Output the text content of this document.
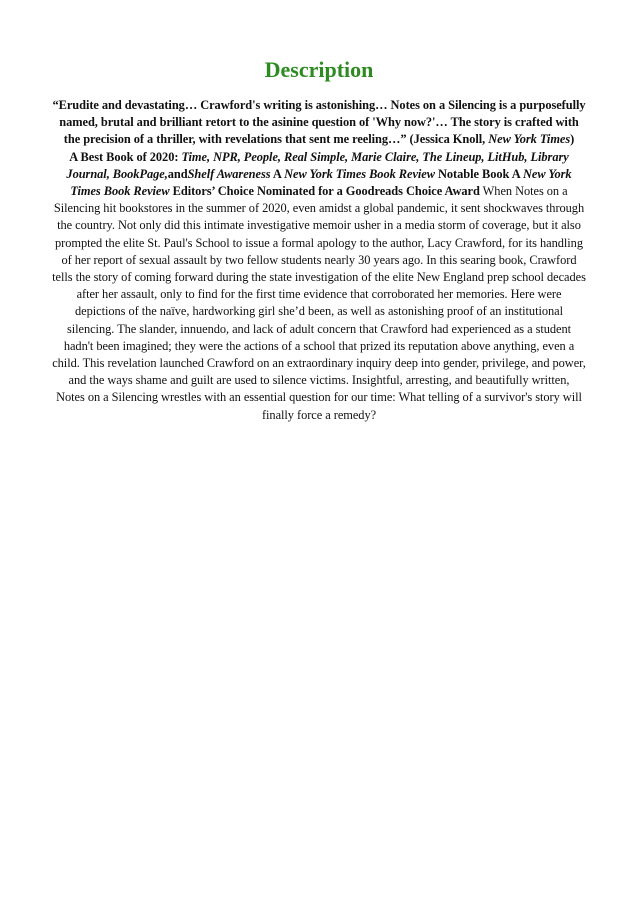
Description
“Erudite and devastating… Crawford's writing is astonishing… Notes on a Silencing is a purposefully
named, brutal and brilliant retort to the asinine question of 'Why now?'… The story is crafted with
the precision of a thriller, with revelations that sent me reeling…” (Jessica Knoll, New York Times)
A Best Book of 2020: Time, NPR, People, Real Simple, Marie Claire, The Lineup, LitHub, Library
Journal, BookPage,andShelf Awareness A New York Times Book Review Notable Book A New York
Times Book Review Editors’ Choice Nominated for a Goodreads Choice Award When Notes on a
Silencing hit bookstores in the summer of 2020, even amidst a global pandemic, it sent shockwaves through
the country. Not only did this intimate investigative memoir usher in a media storm of coverage, but it also
prompted the elite St. Paul's School to issue a formal apology to the author, Lacy Crawford, for its handling
of her report of sexual assault by two fellow students nearly 30 years ago. In this searing book, Crawford
tells the story of coming forward during the state investigation of the elite New England prep school decades
after her assault, only to find for the first time evidence that corroborated her memories. Here were
depictions of the naïve, hardworking girl she’d been, as well as astonishing proof of an institutional
silencing. The slander, innuendo, and lack of adult concern that Crawford had experienced as a student
hadn't been imagined; they were the actions of a school that prized its reputation above anything, even a
child. This revelation launched Crawford on an extraordinary inquiry deep into gender, privilege, and power,
and the ways shame and guilt are used to silence victims. Insightful, arresting, and beautifully written,
Notes on a Silencing wrestles with an essential question for our time: What telling of a survivor's story will
finally force a remedy?
